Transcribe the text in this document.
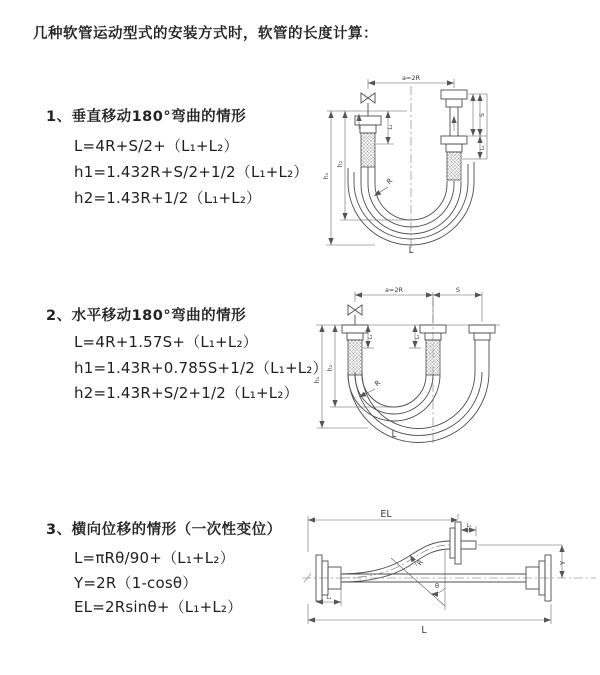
几种软管运动型式的安装方式时，软管的长度计算：
1、垂直移动180°弯曲的情形
L=4R+S/2+（L₁+L₂）
h1=1.432R+S/2+1/2（L₁+L₂）
h2=1.43R+1/2（L₁+L₂）
2、水平移动180°弯曲的情形
L=4R+1.57S+（L₁+L₂）
h1=1.43R+0.785S+1/2（L₁+L₂）
h2=1.43R+S/2+1/2（L₁+L₂）
3、横向位移的情形（一次性变位）
L=πRθ/90+（L₁+L₂）
Y=2R（1-cosθ）
EL=2Rsinθ+（L₁+L₂）
a=2R
L₁
S
L₂
h₂
h₁
R
L
a=2R	S
L₁	L₂
h₂
h₁	R
L
EL
L₁
Y
R
θ
L₂
L
